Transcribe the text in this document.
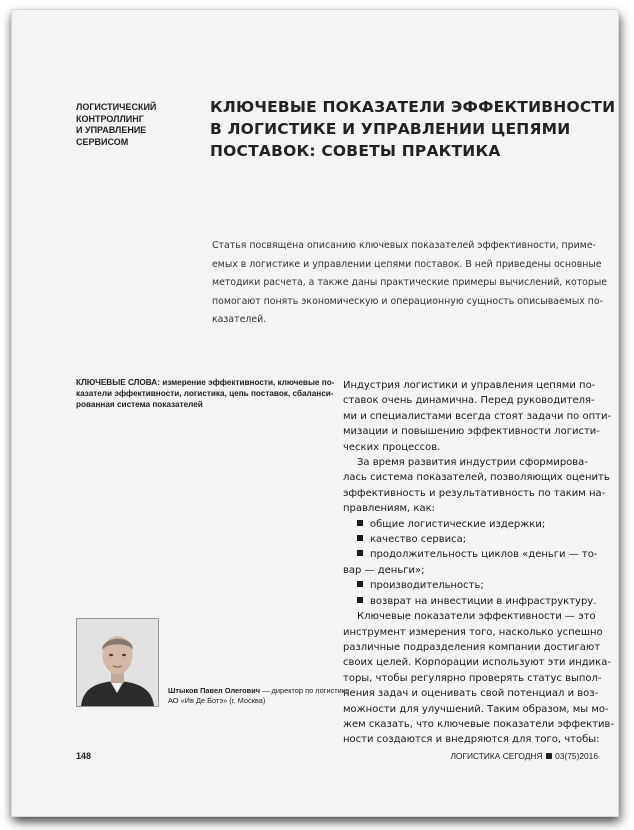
ЛОГИСТИЧЕСКИЙ
КОНТРОЛЛИНГ
И УПРАВЛЕНИЕ
СЕРВИСОМ
КЛЮЧЕВЫЕ ПОКАЗАТЕЛИ ЭФФЕКТИВНОСТИ
В ЛОГИСТИКЕ И УПРАВЛЕНИИ ЦЕПЯМИ
ПОСТАВОК: СОВЕТЫ ПРАКТИКА
Статья посвящена описанию ключевых показателей эффективности, приме-
емых в логистике и управлении цепями поставок. В ней приведены основные
методики расчета, а также даны практические примеры вычислений, которые
помогают понять экономическую и операционную сущность описываемых по-
казателей.
КЛЮЧЕВЫЕ СЛОВА: измерение эффективности, ключевые по-
казатели эффективности, логистика, цепь поставок, сбаланси-
рованная система показателей
Индустрия логистики и управления цепями по-
ставок очень динамична. Перед руководителя-
ми и специалистами всегда стоят задачи по опти-
мизации и повышению эффективности логисти-
ческих процессов.
За время развития индустрии сформирова-
лась система показателей, позволяющих оценить
эффективность и результативность по таким на-
правлениям, как:
общие логистические издержки;
качество сервиса;
продолжительность циклов «деньги — то-
вар — деньги»;
производительность;
возврат на инвестиции в инфраструктуру.
Ключевые показатели эффективности — это
инструмент измерения того, насколько успешно
различные подразделения компании достигают
своих целей. Корпорации используют эти индика-
торы, чтобы регулярно проверять статус выпол-
нения задач и оценивать свой потенциал и воз-
можности для улучшений. Таким образом, мы мо-
жем сказать, что ключевые показатели эффектив-
ности создаются и внедряются для того, чтобы:
Штыков Павел Олегович — директор по логистике
АО «Ив Де Ботэ» (г. Москва)
148	ЛОГИСТИКА СЕГОДНЯ 03(75)2016
